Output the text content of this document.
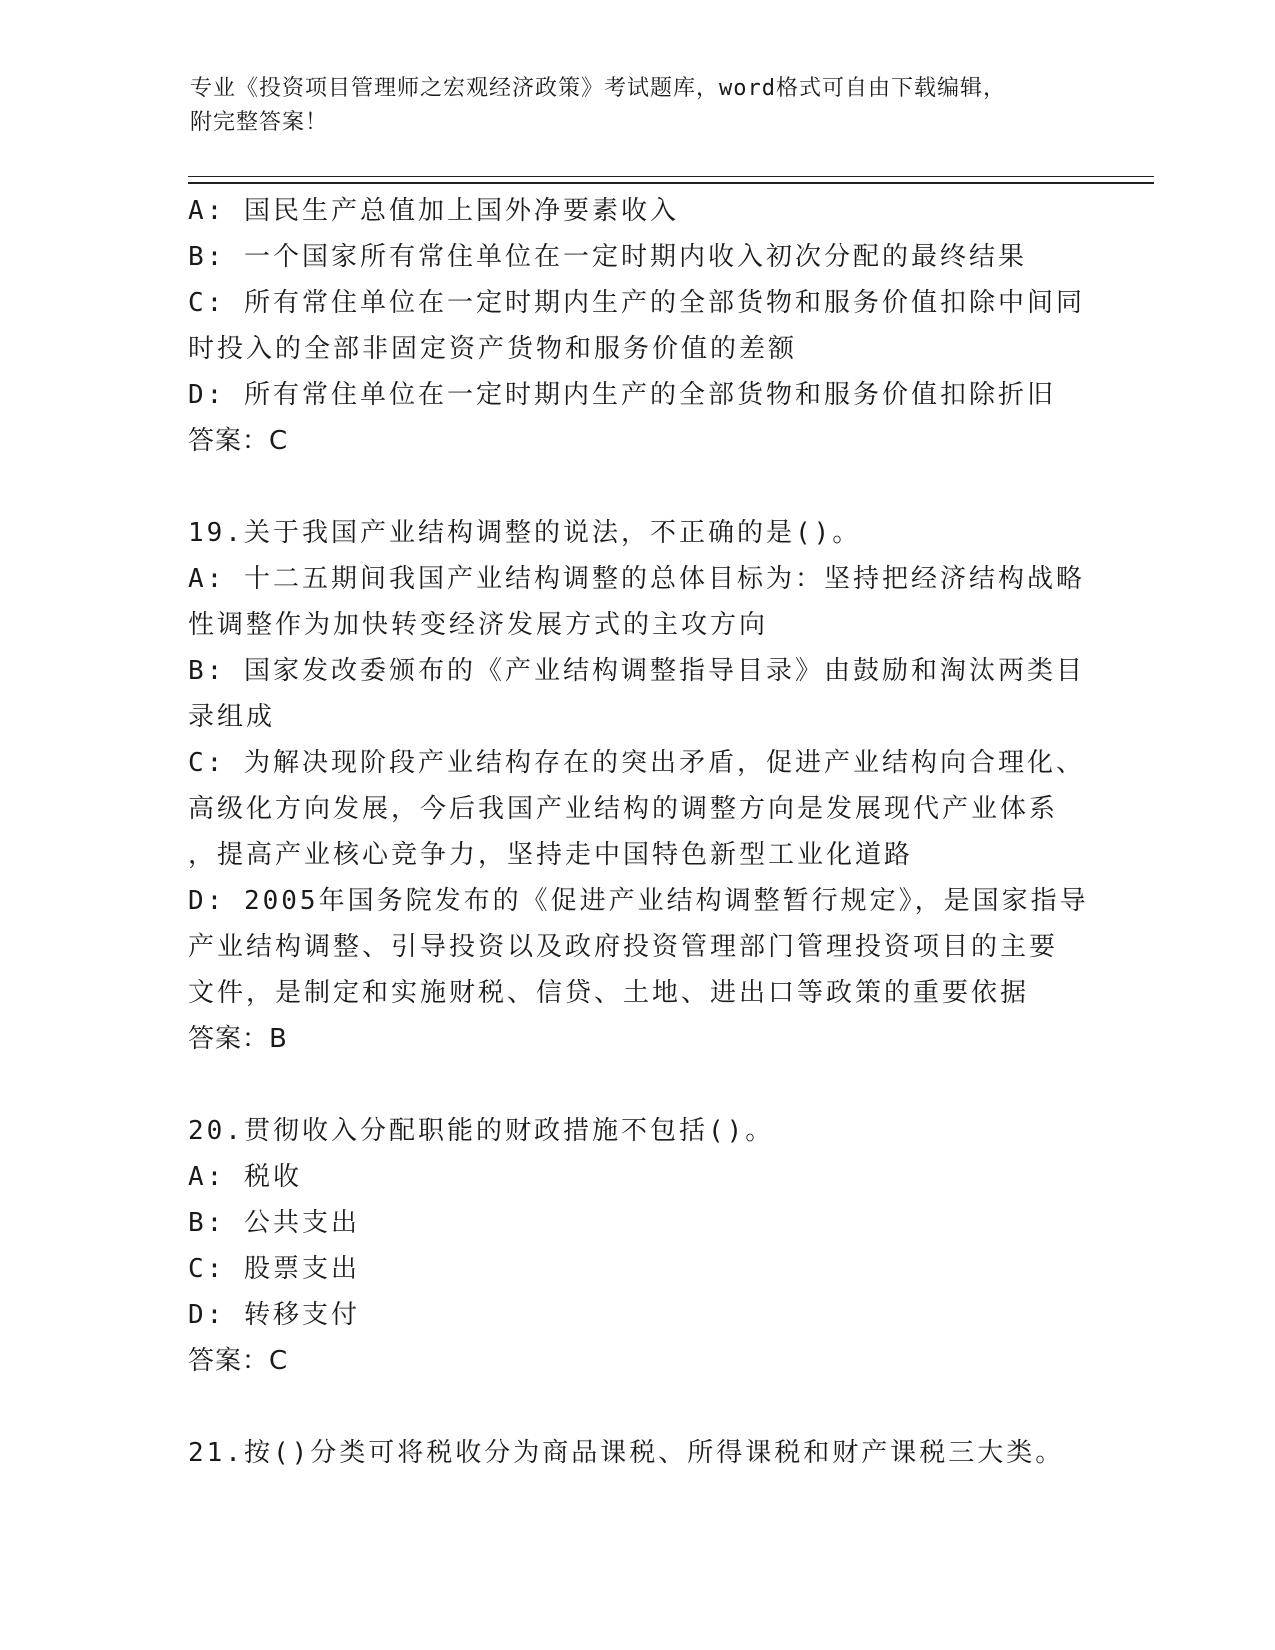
专业《投资项目管理师之宏观经济政策》考试题库，word格式可自由下载编辑，
附完整答案！
A: 国民生产总值加上国外净要素收入
B: 一个国家所有常住单位在一定时期内收入初次分配的最终结果
C: 所有常住单位在一定时期内生产的全部货物和服务价值扣除中间同
时投入的全部非固定资产货物和服务价值的差额
D: 所有常住单位在一定时期内生产的全部货物和服务价值扣除折旧
答案：C
19.关于我国产业结构调整的说法，不正确的是()。
A: 十二五期间我国产业结构调整的总体目标为：坚持把经济结构战略
性调整作为加快转变经济发展方式的主攻方向
B: 国家发改委颁布的《产业结构调整指导目录》由鼓励和淘汰两类目
录组成
C: 为解决现阶段产业结构存在的突出矛盾，促进产业结构向合理化、
高级化方向发展，今后我国产业结构的调整方向是发展现代产业体系
，提高产业核心竞争力，坚持走中国特色新型工业化道路
D: 2005年国务院发布的《促进产业结构调整暂行规定》，是国家指导
产业结构调整、引导投资以及政府投资管理部门管理投资项目的主要
文件，是制定和实施财税、信贷、土地、进出口等政策的重要依据
答案：B
20.贯彻收入分配职能的财政措施不包括()。
A: 税收
B: 公共支出
C: 股票支出
D: 转移支付
答案：C
21.按()分类可将税收分为商品课税、所得课税和财产课税三大类。
